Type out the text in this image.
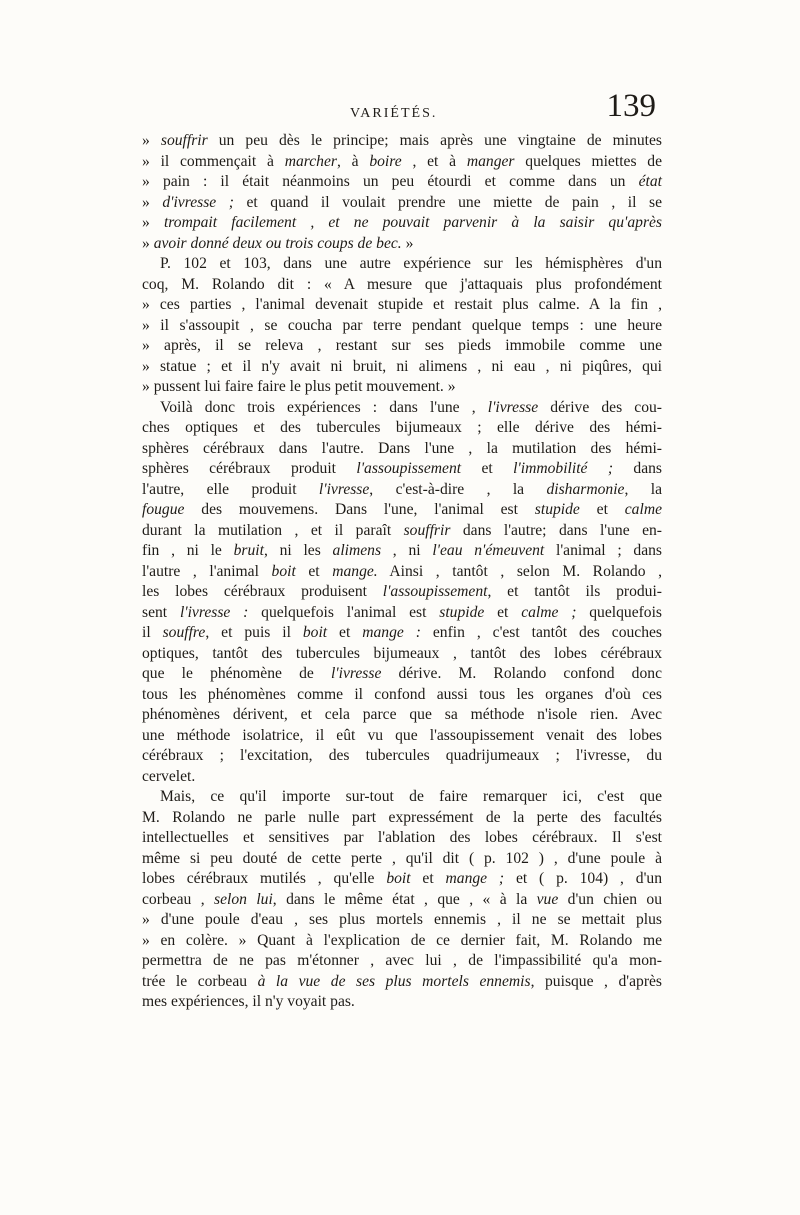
VARIÉTÉS.	139
» souffrir un peu dès le principe; mais après une vingtaine de minutes
» il commençait à marcher, à boire , et à manger quelques miettes de
» pain : il était néanmoins un peu étourdi et comme dans un état
» d'ivresse ; et quand il voulait prendre une miette de pain , il se
» trompait facilement , et ne pouvait parvenir à la saisir qu'après
» avoir donné deux ou trois coups de bec. »
P. 102 et 103, dans une autre expérience sur les hémisphères d'un
coq, M. Rolando dit : « A mesure que j'attaquais plus profondément
» ces parties , l'animal devenait stupide et restait plus calme. A la fin ,
» il s'assoupit , se coucha par terre pendant quelque temps : une heure
» après, il se releva , restant sur ses pieds immobile comme une
» statue ; et il n'y avait ni bruit, ni alimens , ni eau , ni piqûres, qui
» pussent lui faire faire le plus petit mouvement. »
Voilà donc trois expériences : dans l'une , l'ivresse dérive des cou-
ches optiques et des tubercules bijumeaux ; elle dérive des hémi-
sphères cérébraux dans l'autre. Dans l'une , la mutilation des hémi-
sphères cérébraux produit l'assoupissement et l'immobilité ; dans
l'autre, elle produit l'ivresse, c'est-à-dire , la disharmonie, la
fougue des mouvemens. Dans l'une, l'animal est stupide et calme
durant la mutilation , et il paraît souffrir dans l'autre; dans l'une en-
fin , ni le bruit, ni les alimens , ni l'eau n'émeuvent l'animal ; dans
l'autre , l'animal boit et mange. Ainsi , tantôt , selon M. Rolando ,
les lobes cérébraux produisent l'assoupissement, et tantôt ils produi-
sent l'ivresse : quelquefois l'animal est stupide et calme ; quelquefois
il souffre, et puis il boit et mange : enfin , c'est tantôt des couches
optiques, tantôt des tubercules bijumeaux , tantôt des lobes cérébraux
que le phénomène de l'ivresse dérive. M. Rolando confond donc
tous les phénomènes comme il confond aussi tous les organes d'où ces
phénomènes dérivent, et cela parce que sa méthode n'isole rien. Avec
une méthode isolatrice, il eût vu que l'assoupissement venait des lobes
cérébraux ; l'excitation, des tubercules quadrijumeaux ; l'ivresse, du
cervelet.
Mais, ce qu'il importe sur-tout de faire remarquer ici, c'est que
M. Rolando ne parle nulle part expressément de la perte des facultés
intellectuelles et sensitives par l'ablation des lobes cérébraux. Il s'est
même si peu douté de cette perte , qu'il dit ( p. 102 ) , d'une poule à
lobes cérébraux mutilés , qu'elle boit et mange ; et ( p. 104) , d'un
corbeau , selon lui, dans le même état , que , « à la vue d'un chien ou
» d'une poule d'eau , ses plus mortels ennemis , il ne se mettait plus
» en colère. » Quant à l'explication de ce dernier fait, M. Rolando me
permettra de ne pas m'étonner , avec lui , de l'impassibilité qu'a mon-
trée le corbeau à la vue de ses plus mortels ennemis, puisque , d'après
mes expériences, il n'y voyait pas.
